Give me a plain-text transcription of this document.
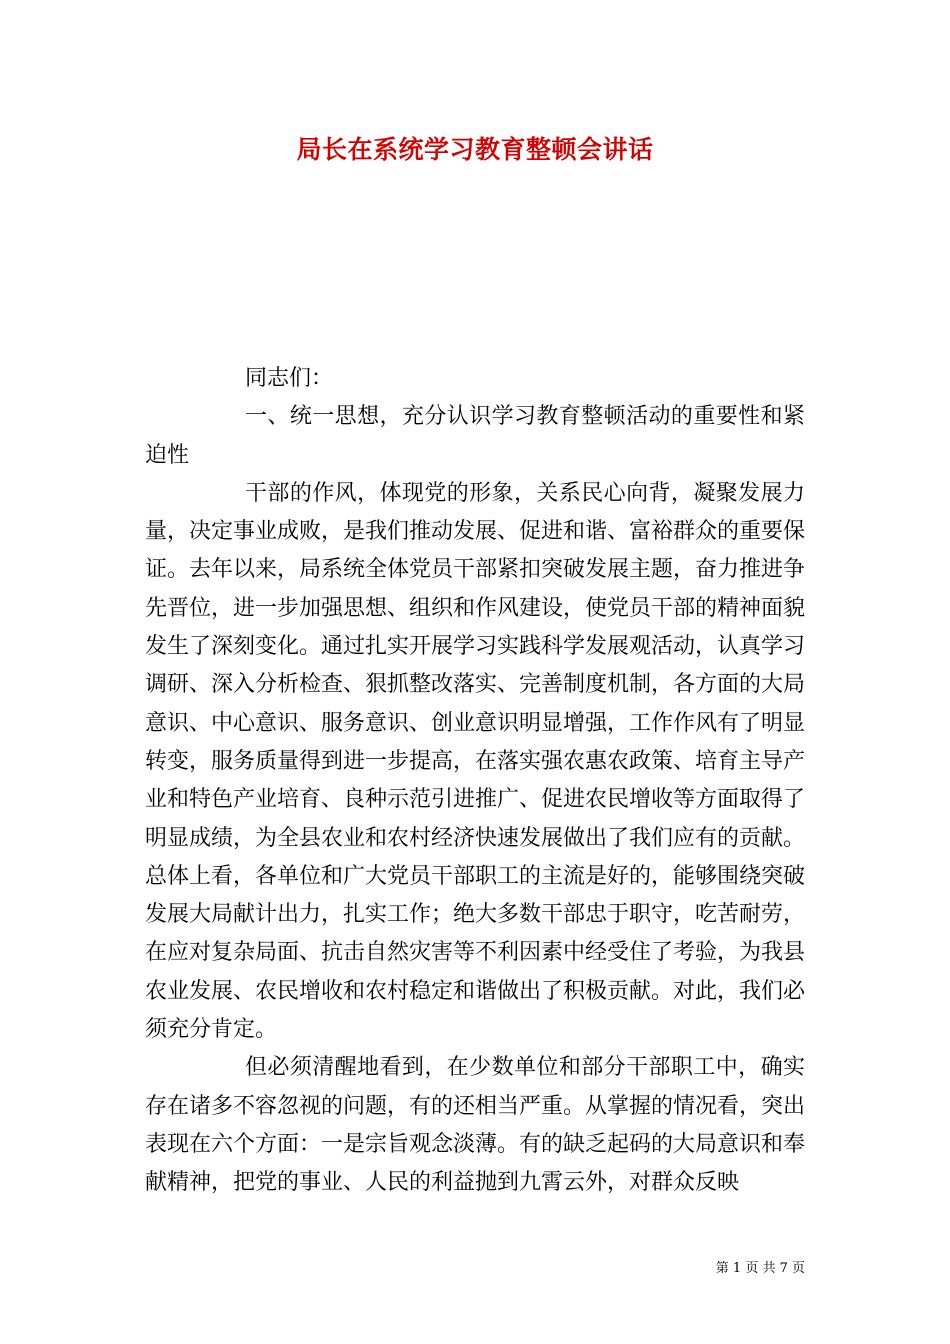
局长在系统学习教育整顿会讲话

同志们：

一、统一思想，充分认识学习教育整顿活动的重要性和紧迫性

干部的作风，体现党的形象，关系民心向背，凝聚发展力量，决定事业成败，是我们推动发展、促进和谐、富裕群众的重要保证。去年以来，局系统全体党员干部紧扣突破发展主题，奋力推进争先晋位，进一步加强思想、组织和作风建设，使党员干部的精神面貌发生了深刻变化。通过扎实开展学习实践科学发展观活动，认真学习调研、深入分析检查、狠抓整改落实、完善制度机制，各方面的大局意识、中心意识、服务意识、创业意识明显增强，工作作风有了明显转变，服务质量得到进一步提高，在落实强农惠农政策、培育主导产业和特色产业培育、良种示范引进推广、促进农民增收等方面取得了明显成绩，为全县农业和农村经济快速发展做出了我们应有的贡献。总体上看，各单位和广大党员干部职工的主流是好的，能够围绕突破发展大局献计出力，扎实工作；绝大多数干部忠于职守，吃苦耐劳，在应对复杂局面、抗击自然灾害等不利因素中经受住了考验，为我县农业发展、农民增收和农村稳定和谐做出了积极贡献。对此，我们必须充分肯定。

但必须清醒地看到，在少数单位和部分干部职工中，确实存在诸多不容忽视的问题，有的还相当严重。从掌握的情况看，突出表现在六个方面：一是宗旨观念淡薄。有的缺乏起码的大局意识和奉献精神，把党的事业、人民的利益抛到九霄云外，对群众反映

第 1 页 共 7 页
